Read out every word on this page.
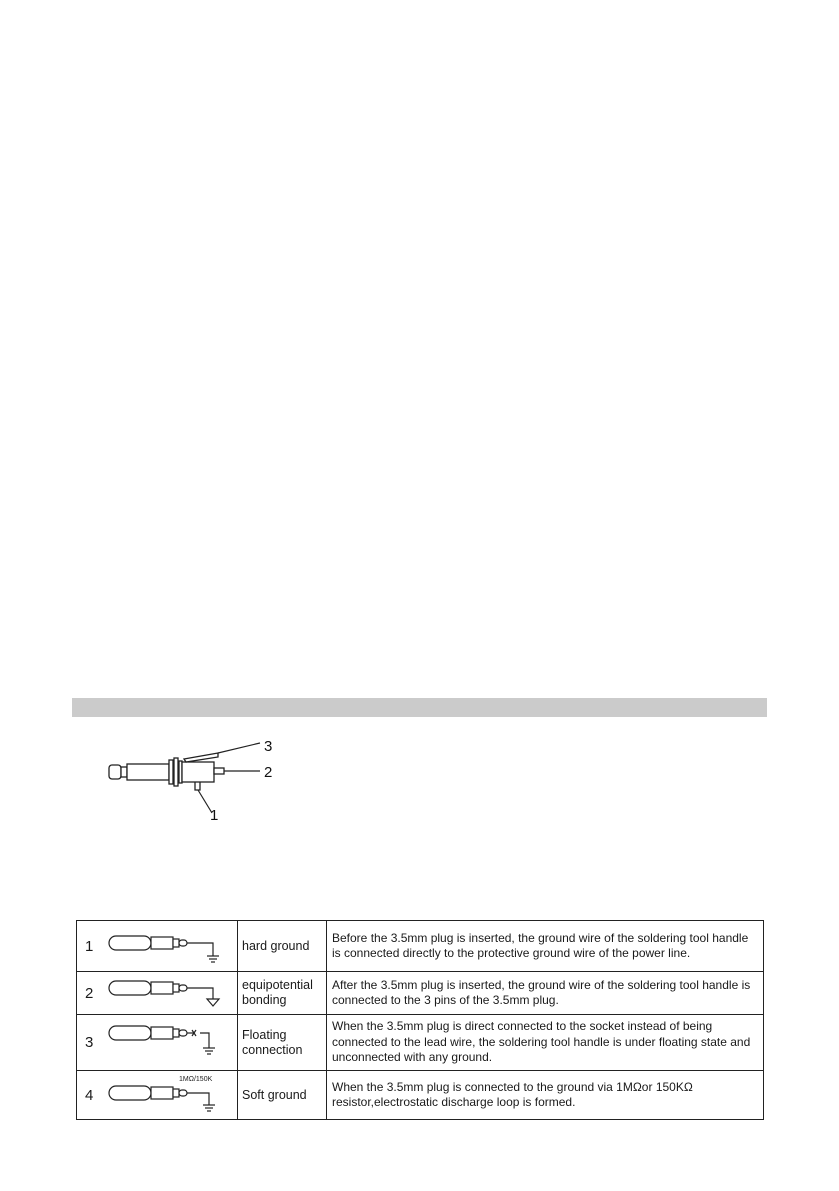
3
2
1
1		hard ground	Before the 3.5mm plug is inserted, the ground wire of the soldering tool handle is connected directly to the protective ground wire of the power line.
2		equipotential bonding	After the 3.5mm plug is inserted, the ground wire of the soldering tool handle is connected to the 3 pins of the 3.5mm plug.
3		Floating connection	When the 3.5mm plug is direct connected to the socket instead of being connected to the lead wire, the soldering tool handle is under floating state and unconnected with any ground.
4	1MΩ/150K	Soft ground	When the 3.5mm plug is connected to the ground via 1MΩor 150KΩ resistor,electrostatic discharge loop is formed.
